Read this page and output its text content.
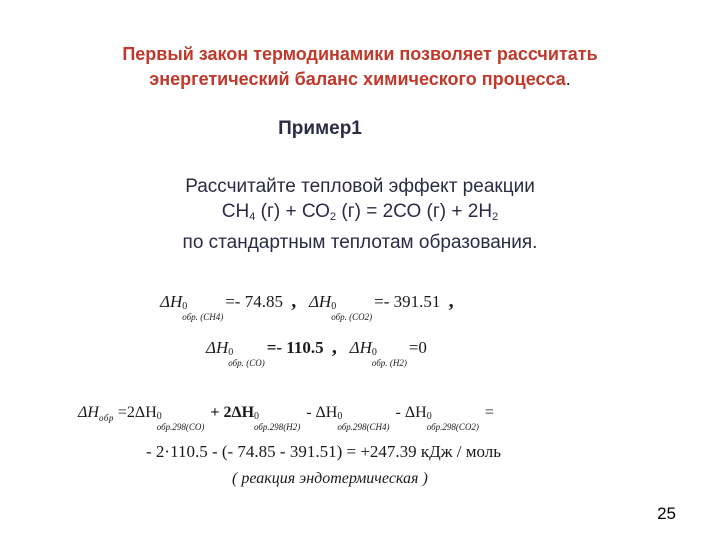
Первый закон термодинамики позволяет рассчитать
энергетический баланс химического процесса.
Пример1
Рассчитайте тепловой эффект реакции
СН4 (г) + СО2 (г) = 2СО (г) + 2Н2
по стандартным теплотам образования.
ΔH 0
обр. (CH4)
=- 74.85 , ΔH 0
обр. (CO2)
=- 391.51 ,
ΔH 0
обр. (CO)
=- 110.5 , ΔH 0
обр. (H2)
=0
$\Delta H_{обр} =2\Delta H$ 0
обр.298(CO)
+ 2ΔH 0
обр.298(H2)
- ΔH 0
обр.298(CH4)
- ΔH 0
обр.298(CO2)
=
- 2·110.5 - (- 74.85 - 391.51) = +247.39 кДж / моль
( реакция эндотермическая )
25
